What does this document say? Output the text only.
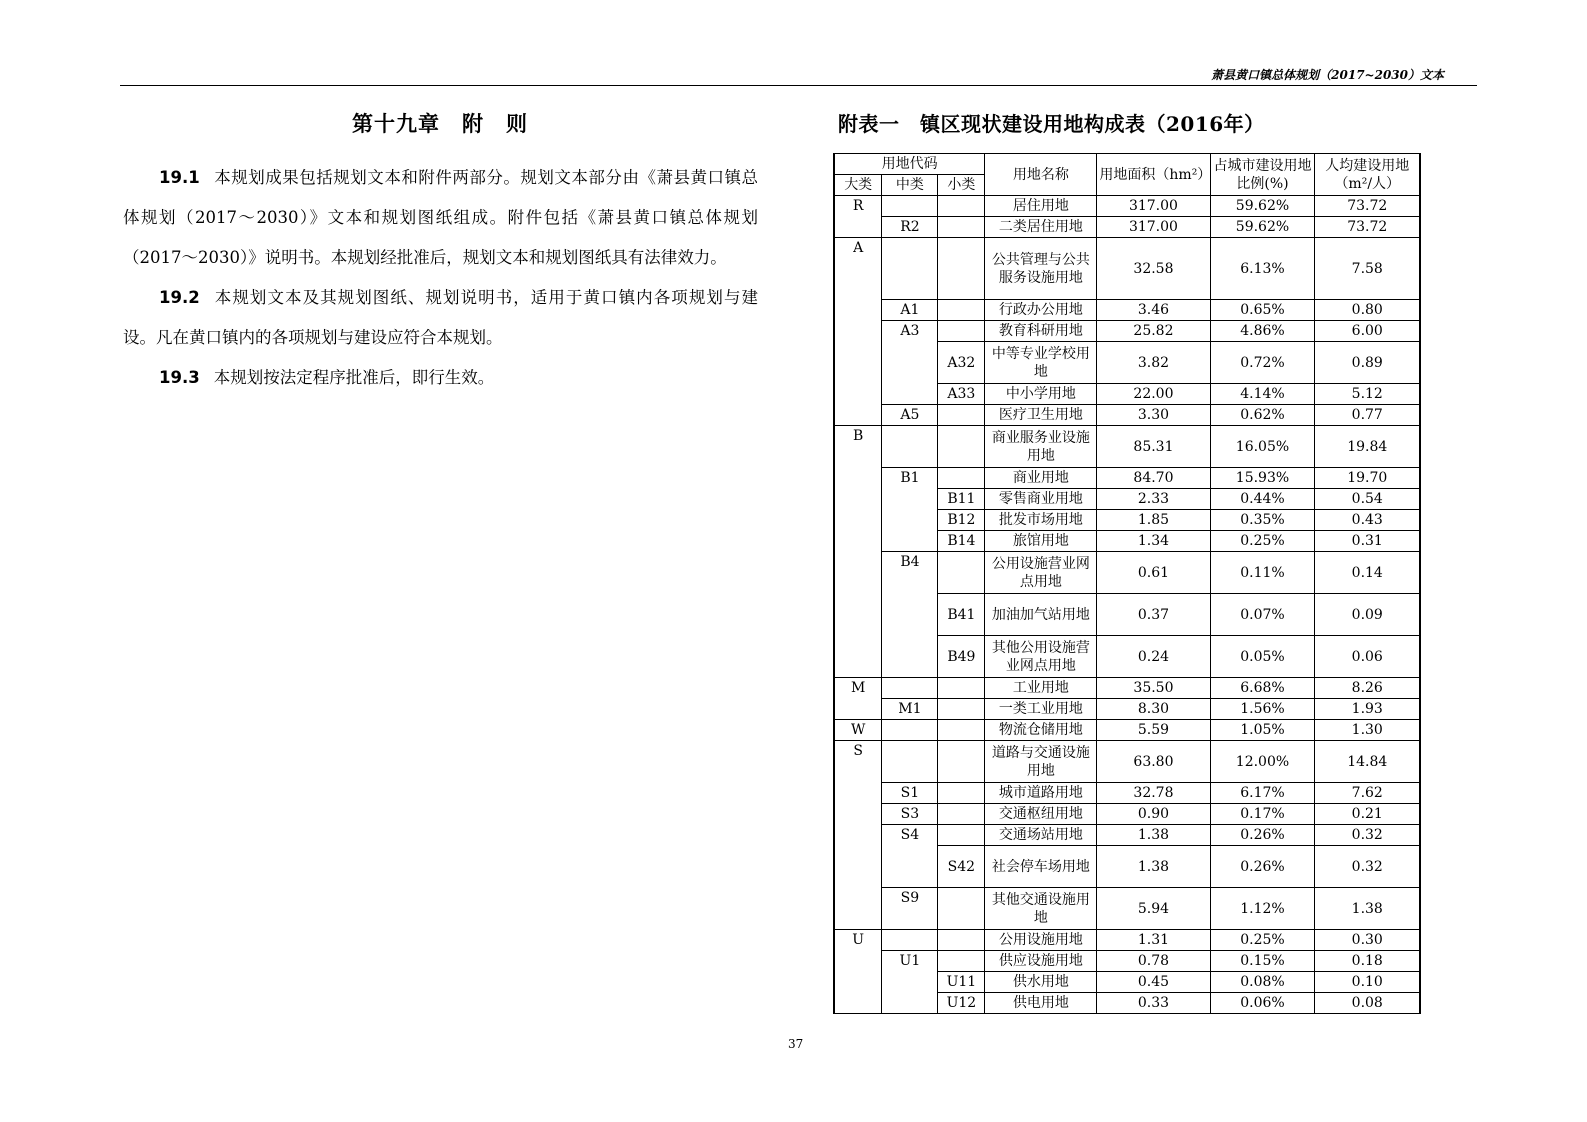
萧县黄口镇总体规划（2017~2030）文本
第十九章　附　则

19.1 本规划成果包括规划文本和附件两部分。规划文本部分由《萧县黄口镇总体规划（2017～2030）》文本和规划图纸组成。附件包括《萧县黄口镇总体规划（2017～2030）》说明书。本规划经批准后，规划文本和规划图纸具有法律效力。

19.2 本规划文本及其规划图纸、规划说明书，适用于黄口镇内各项规划与建设。凡在黄口镇内的各项规划与建设应符合本规划。

19.3 本规划按法定程序批准后，即行生效。

附表一　镇区现状建设用地构成表（2016年）
用地代码			用地名称	用地面积（hm²）	占城市建设用地比例(%)	人均建设用地（m²/人）
大类	中类	小类				
R			居住用地	317.00	59.62%	73.72
	R2		二类居住用地	317.00	59.62%	73.72
A			公共管理与公共服务设施用地	32.58	6.13%	7.58
	A1		行政办公用地	3.46	0.65%	0.80
	A3		教育科研用地	25.82	4.86%	6.00
		A32	中等专业学校用地	3.82	0.72%	0.89
		A33	中小学用地	22.00	4.14%	5.12
	A5		医疗卫生用地	3.30	0.62%	0.77
B			商业服务业设施用地	85.31	16.05%	19.84
	B1		商业用地	84.70	15.93%	19.70
		B11	零售商业用地	2.33	0.44%	0.54
		B12	批发市场用地	1.85	0.35%	0.43
		B14	旅馆用地	1.34	0.25%	0.31
	B4		公用设施营业网点用地	0.61	0.11%	0.14
		B41	加油加气站用地	0.37	0.07%	0.09
		B49	其他公用设施营业网点用地	0.24	0.05%	0.06
M			工业用地	35.50	6.68%	8.26
	M1		一类工业用地	8.30	1.56%	1.93
W			物流仓储用地	5.59	1.05%	1.30
S			道路与交通设施用地	63.80	12.00%	14.84
	S1		城市道路用地	32.78	6.17%	7.62
	S3		交通枢纽用地	0.90	0.17%	0.21
	S4		交通场站用地	1.38	0.26%	0.32
		S42	社会停车场用地	1.38	0.26%	0.32
	S9		其他交通设施用地	5.94	1.12%	1.38
U			公用设施用地	1.31	0.25%	0.30
	U1		供应设施用地	0.78	0.15%	0.18
		U11	供水用地	0.45	0.08%	0.10
		U12	供电用地	0.33	0.06%	0.08
37
